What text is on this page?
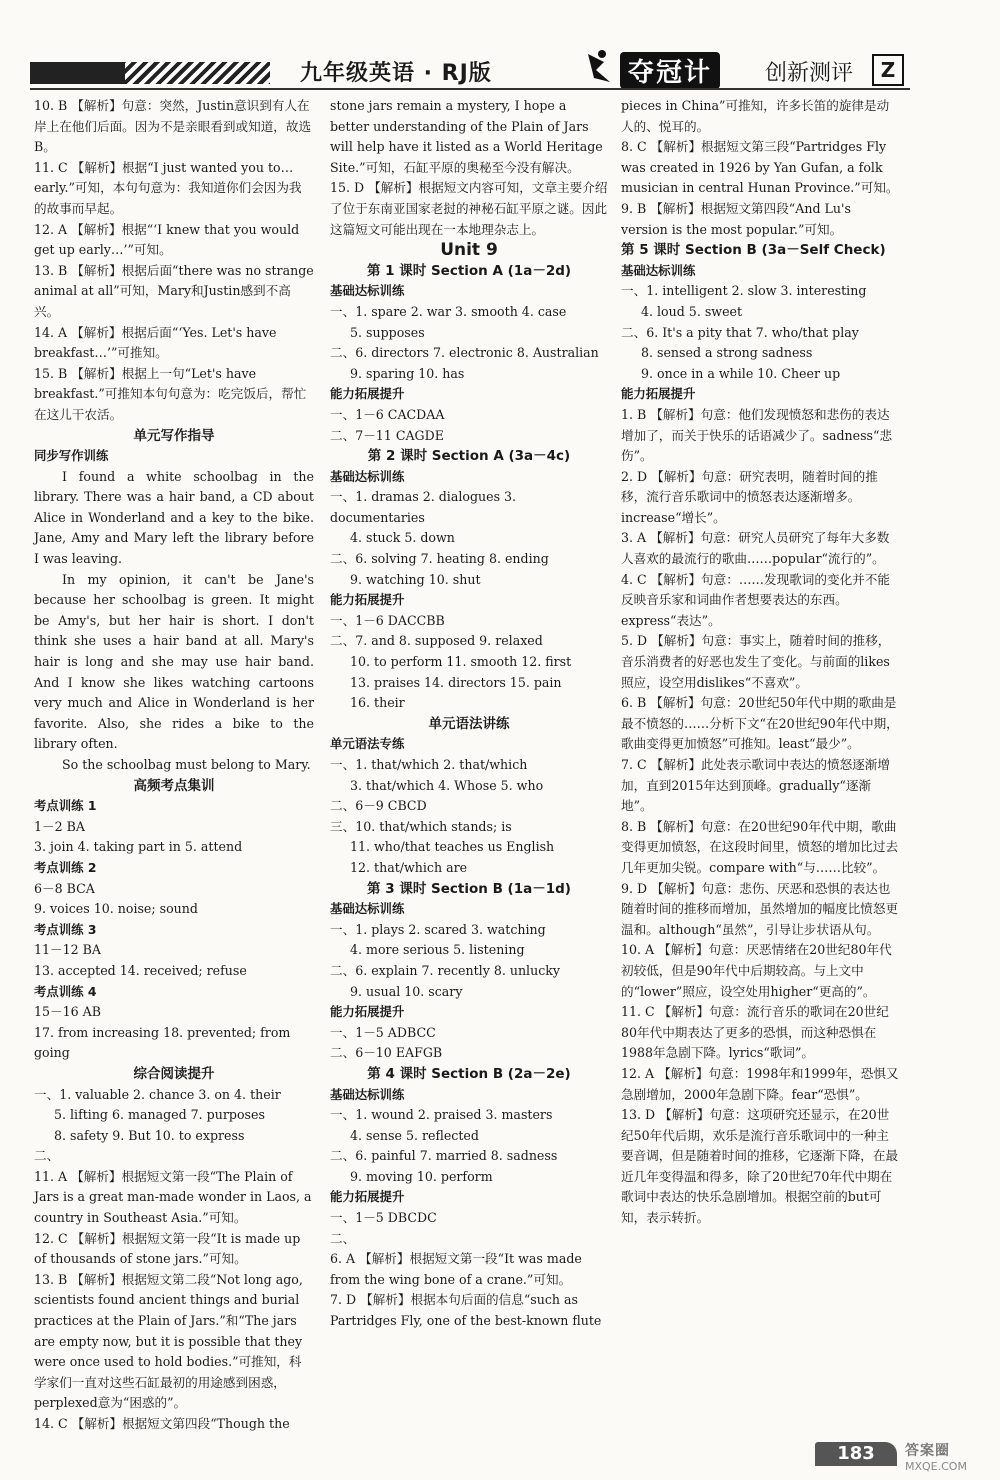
九年级英语 · RJ版	夺冠计	创新测评	Z

10. B 【解析】句意：突然，Justin意识到有人在岸上在他们后面。因为不是亲眼看到或知道，故选B。

11. C 【解析】根据“I just wanted you to…early.”可知，本句句意为：我知道你们会因为我的故事而早起。

12. A 【解析】根据“‘I knew that you would get up early…’”可知。

13. B 【解析】根据后面“there was no strange animal at all”可知，Mary和Justin感到不高兴。

14. A 【解析】根据后面“‘Yes. Let's have breakfast…’”可推知。

15. B 【解析】根据上一句“Let's have breakfast.”可推知本句句意为：吃完饭后，帮忙在这儿干农活。

单元写作指导

同步写作训练

I found a white schoolbag in the library. There was a hair band, a CD about Alice in Wonderland and a key to the bike. Jane, Amy and Mary left the library before I was leaving.

In my opinion, it can't be Jane's because her schoolbag is green. It might be Amy's, but her hair is short. I don't think she uses a hair band at all. Mary's hair is long and she may use hair band. And I know she likes watching cartoons very much and Alice in Wonderland is her favorite. Also, she rides a bike to the library often.

So the schoolbag must belong to Mary.

高频考点集训

考点训练 1

1－2 BA

3. join 4. taking part in 5. attend

考点训练 2

6－8 BCA

9. voices 10. noise; sound

考点训练 3

11－12 BA

13. accepted 14. received; refuse

考点训练 4

15－16 AB

17. from increasing 18. prevented; from going

综合阅读提升

一、1. valuable 2. chance 3. on 4. their

5. lifting 6. managed 7. purposes

8. safety 9. But 10. to express

二、

11. A 【解析】根据短文第一段“The Plain of Jars is a great man-made wonder in Laos, a country in Southeast Asia.”可知。

12. C 【解析】根据短文第一段“It is made up of thousands of stone jars.”可知。

13. B 【解析】根据短文第二段“Not long ago, scientists found ancient things and burial practices at the Plain of Jars.”和“The jars are empty now, but it is possible that they were once used to hold bodies.”可推知，科学家们一直对这些石缸最初的用途感到困惑，perplexed意为“困惑的”。

14. C 【解析】根据短文第四段“Though the

stone jars remain a mystery, I hope a better understanding of the Plain of Jars will help have it listed as a World Heritage Site.”可知，石缸平原的奥秘至今没有解决。

15. D 【解析】根据短文内容可知，文章主要介绍了位于东南亚国家老挝的神秘石缸平原之谜。因此这篇短文可能出现在一本地理杂志上。

Unit 9

第 1 课时 Section A (1a－2d)

基础达标训练

一、1. spare 2. war 3. smooth 4. case

5. supposes

二、6. directors 7. electronic 8. Australian

9. sparing 10. has

能力拓展提升

一、1－6 CACDAA

二、7－11 CAGDE

第 2 课时 Section A (3a－4c)

基础达标训练

一、1. dramas 2. dialogues 3. documentaries

4. stuck 5. down

二、6. solving 7. heating 8. ending

9. watching 10. shut

能力拓展提升

一、1－6 DACCBB

二、7. and 8. supposed 9. relaxed

10. to perform 11. smooth 12. first

13. praises 14. directors 15. pain

16. their

单元语法讲练

单元语法专练

一、1. that/which 2. that/which

3. that/which 4. Whose 5. who

二、6－9 CBCD

三、10. that/which stands; is

11. who/that teaches us English

12. that/which are

第 3 课时 Section B (1a－1d)

基础达标训练

一、1. plays 2. scared 3. watching

4. more serious 5. listening

二、6. explain 7. recently 8. unlucky

9. usual 10. scary

能力拓展提升

一、1－5 ADBCC

二、6－10 EAFGB

第 4 课时 Section B (2a－2e)

基础达标训练

一、1. wound 2. praised 3. masters

4. sense 5. reflected

二、6. painful 7. married 8. sadness

9. moving 10. perform

能力拓展提升

一、1－5 DBCDC

二、

6. A 【解析】根据短文第一段“It was made from the wing bone of a crane.”可知。

7. D 【解析】根据本句后面的信息“such as Partridges Fly, one of the best-known flute

pieces in China”可推知，许多长笛的旋律是动人的、悦耳的。

8. C 【解析】根据短文第三段“Partridges Fly was created in 1926 by Yan Gufan, a folk musician in central Hunan Province.”可知。

9. B 【解析】根据短文第四段“And Lu's version is the most popular.”可知。

第 5 课时 Section B (3a－Self Check)

基础达标训练

一、1. intelligent 2. slow 3. interesting

4. loud 5. sweet

二、6. It's a pity that 7. who/that play

8. sensed a strong sadness

9. once in a while 10. Cheer up

能力拓展提升

1. B 【解析】句意：他们发现愤怒和悲伤的表达增加了，而关于快乐的话语减少了。sadness“悲伤”。

2. D 【解析】句意：研究表明，随着时间的推移，流行音乐歌词中的愤怒表达逐渐增多。increase“增长”。

3. A 【解析】句意：研究人员研究了每年大多数人喜欢的最流行的歌曲……popular“流行的”。

4. C 【解析】句意：……发现歌词的变化并不能反映音乐家和词曲作者想要表达的东西。express“表达”。

5. D 【解析】句意：事实上，随着时间的推移，音乐消费者的好恶也发生了变化。与前面的likes照应，设空用dislikes“不喜欢”。

6. B 【解析】句意：20世纪50年代中期的歌曲是最不愤怒的……分析下文“在20世纪90年代中期，歌曲变得更加愤怒”可推知。least“最少”。

7. C 【解析】此处表示歌词中表达的愤怒逐渐增加，直到2015年达到顶峰。gradually“逐渐地”。

8. B 【解析】句意：在20世纪90年代中期，歌曲变得更加愤怒，在这段时间里，愤怒的增加比过去几年更加尖锐。compare with“与……比较”。

9. D 【解析】句意：悲伤、厌恶和恐惧的表达也随着时间的推移而增加，虽然增加的幅度比愤怒更温和。although“虽然”，引导让步状语从句。

10. A 【解析】句意：厌恶情绪在20世纪80年代初较低，但是90年代中后期较高。与上文中的“lower”照应，设空处用higher“更高的”。

11. C 【解析】句意：流行音乐的歌词在20世纪80年代中期表达了更多的恐惧，而这种恐惧在1988年急剧下降。lyrics“歌词”。

12. A 【解析】句意：1998年和1999年，恐惧又急剧增加，2000年急剧下降。fear“恐惧”。

13. D 【解析】句意：这项研究还显示，在20世纪50年代后期，欢乐是流行音乐歌词中的一种主要音调，但是随着时间的推移，它逐渐下降，在最近几年变得温和得多，除了20世纪70年代中期在歌词中表达的快乐急剧增加。根据空前的but可知，表示转折。

183	答案圈
MXQE.COM
